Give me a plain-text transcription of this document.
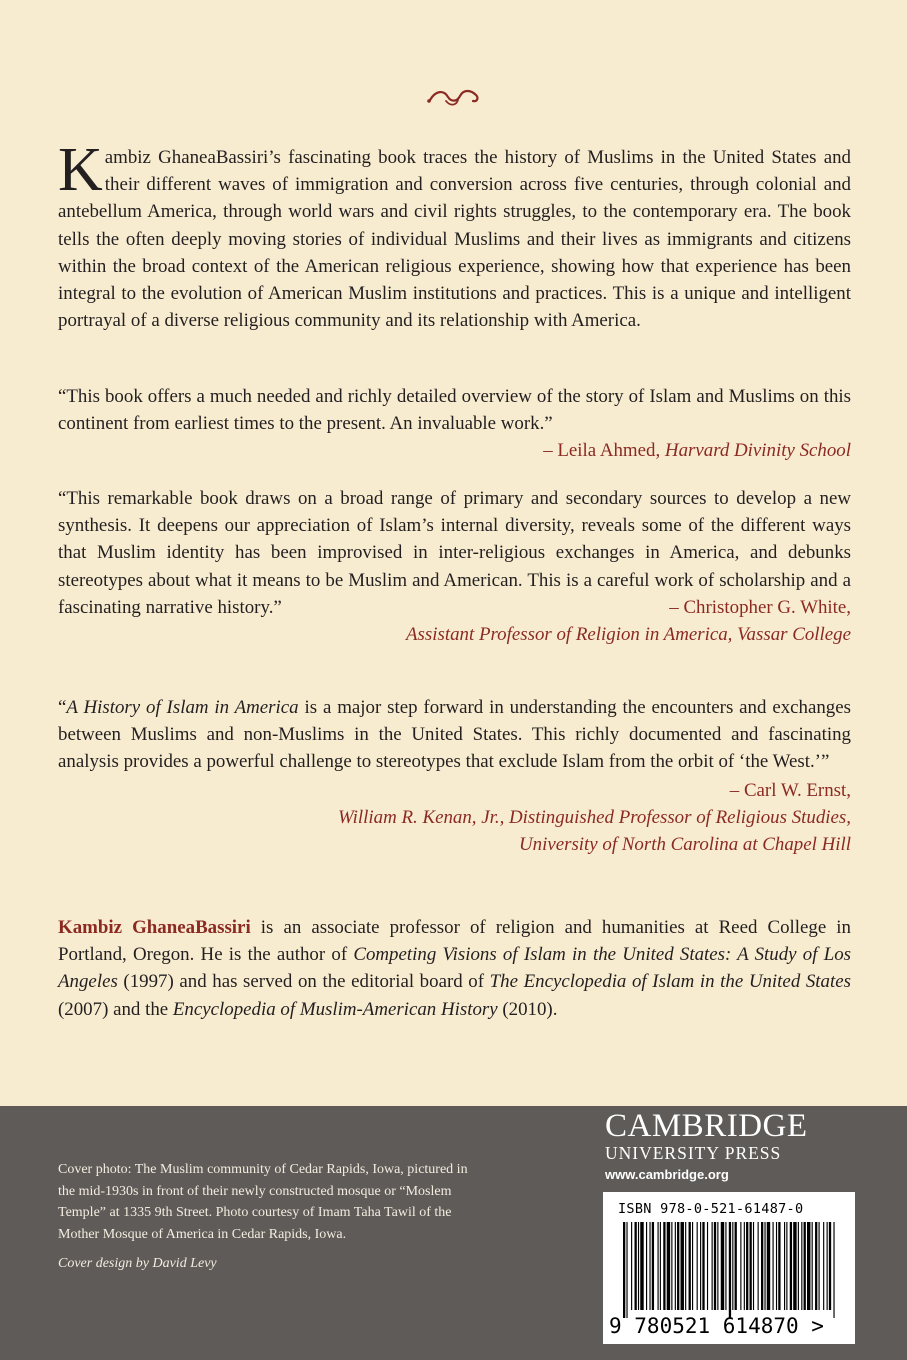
Kambiz GhaneaBassiri’s fascinating book traces the history of Muslims in the United States and their different waves of immigration and conversion across five centuries, through colonial and antebellum America, through world wars and civil rights struggles, to the contemporary era. The book tells the often deeply moving stories of individual Muslims and their lives as immigrants and citizens within the broad context of the American religious experience, showing how that experience has been integral to the evolution of American Muslim institutions and practices. This is a unique and intelligent portrayal of a diverse religious community and its relationship with America.

“This book offers a much needed and richly detailed overview of the story of Islam and Muslims on this continent from earliest times to the present. An invaluable work.”

– Leila Ahmed, Harvard Divinity School

“This remarkable book draws on a broad range of primary and secondary sources to develop a new synthesis. It deepens our appreciation of Islam’s internal diversity, reveals some of the different ways that Muslim identity has been improvised in inter-religious exchanges in America, and debunks stereotypes about what it means to be Muslim and American. This is a careful work of scholarship and a fascinating narrative history.”	– Christopher G. White,

Assistant Professor of Religion in America, Vassar College

“A History of Islam in America is a major step forward in understanding the encounters and exchanges between Muslims and non-Muslims in the United States. This richly documented and fascinating analysis provides a powerful challenge to stereotypes that exclude Islam from the orbit of ‘the West.’”

– Carl W. Ernst,

William R. Kenan, Jr., Distinguished Professor of Religious Studies,

University of North Carolina at Chapel Hill

Kambiz GhaneaBassiri is an associate professor of religion and humanities at Reed College in Portland, Oregon. He is the author of Competing Visions of Islam in the United States: A Study of Los Angeles (1997) and has served on the editorial board of The Encyclopedia of Islam in the United States (2007) and the Encyclopedia of Muslim-American History (2010).

Cover photo: The Muslim community of Cedar Rapids, Iowa, pictured in the mid-1930s in front of their newly constructed mosque or “Moslem Temple” at 1335 9th Street. Photo courtesy of Imam Taha Tawil of the Mother Mosque of America in Cedar Rapids, Iowa.

Cover design by David Levy

CAMBRIDGE
UNIVERSITY PRESS
www.cambridge.org
ISBN 978-0-521-61487-0
9 780521 614870 >
